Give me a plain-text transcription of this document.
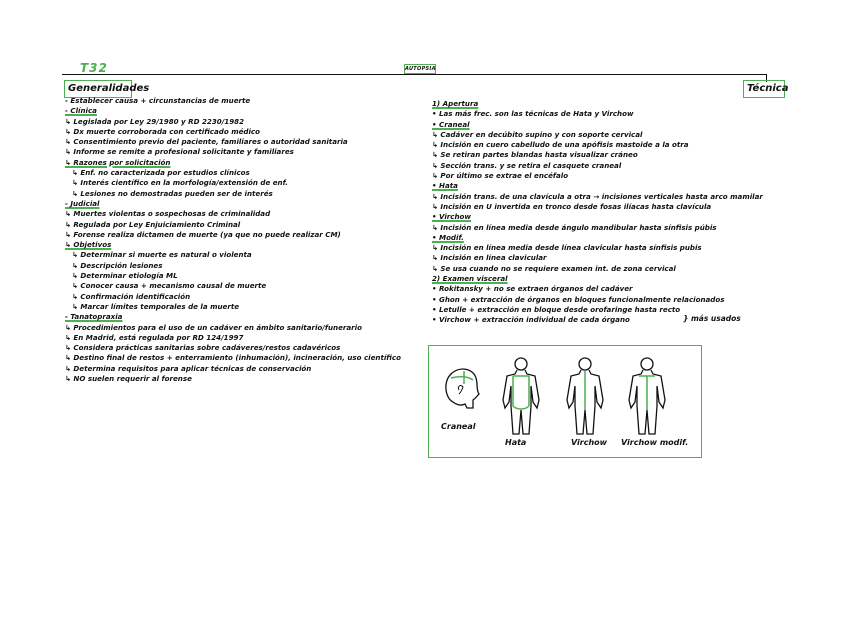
T32	AUTOPSIA
Generalidades	Técnica
- Establecer causa + circunstancias de muerte
- Clínica
↳ Legislada por Ley 29/1980 y RD 2230/1982
↳ Dx muerte corroborada con certificado médico
↳ Consentimiento previo del paciente, familiares o autoridad sanitaria
↳ Informe se remite a profesional solicitante y familiares
↳ Razones por solicitación
↳ Enf. no caracterizada por estudios clínicos
↳ Interés científico en la morfología/extensión de enf.
↳ Lesiones no demostradas pueden ser de interés
- Judicial
↳ Muertes violentas o sospechosas de criminalidad
↳ Regulada por Ley Enjuiciamiento Criminal
↳ Forense realiza dictamen de muerte (ya que no puede realizar CM)
↳ Objetivos
↳ Determinar si muerte es natural o violenta
↳ Descripción lesiones
↳ Determinar etiología ML
↳ Conocer causa + mecanismo causal de muerte
↳ Confirmación identificación
↳ Marcar límites temporales de la muerte
- Tanatopraxia
↳ Procedimientos para el uso de un cadáver en ámbito sanitario/funerario
↳ En Madrid, está regulada por RD 124/1997
↳ Considera prácticas sanitarias sobre cadáveres/restos cadavéricos
↳ Destino final de restos + enterramiento (inhumación), incineración, uso científico
↳ Determina requisitos para aplicar técnicas de conservación
↳ NO suelen requerir al forense
1) Apertura
• Las más frec. son las técnicas de Hata y Virchow
• Craneal
↳ Cadáver en decúbito supino y con soporte cervical
↳ Incisión en cuero cabelludo de una apófisis mastoide a la otra
↳ Se retiran partes blandas hasta visualizar cráneo
↳ Sección trans. y se retira el casquete craneal
↳ Por último se extrae el encéfalo
• Hata
↳ Incisión trans. de una clavícula a otra → incisiones verticales hasta arco mamilar
↳ Incisión en U invertida en tronco desde fosas ilíacas hasta clavícula
• Virchow
↳ Incisión en línea media desde ángulo mandibular hasta sínfisis púbis
• Modif.
↳ Incisión en línea media desde línea clavicular hasta sínfisis pubis
↳ Incisión en línea clavicular
↳ Se usa cuando no se requiere examen int. de zona cervical
2) Examen visceral
• Rokitansky + no se extraen órganos del cadáver
• Ghon + extracción de órganos en bloques funcionalmente relacionados
• Letulle + extracción en bloque desde orofaringe hasta recto
• Virchow + extracción individual de cada órgano	} más usados
Craneal
Hata	Virchow Virchow modif.
